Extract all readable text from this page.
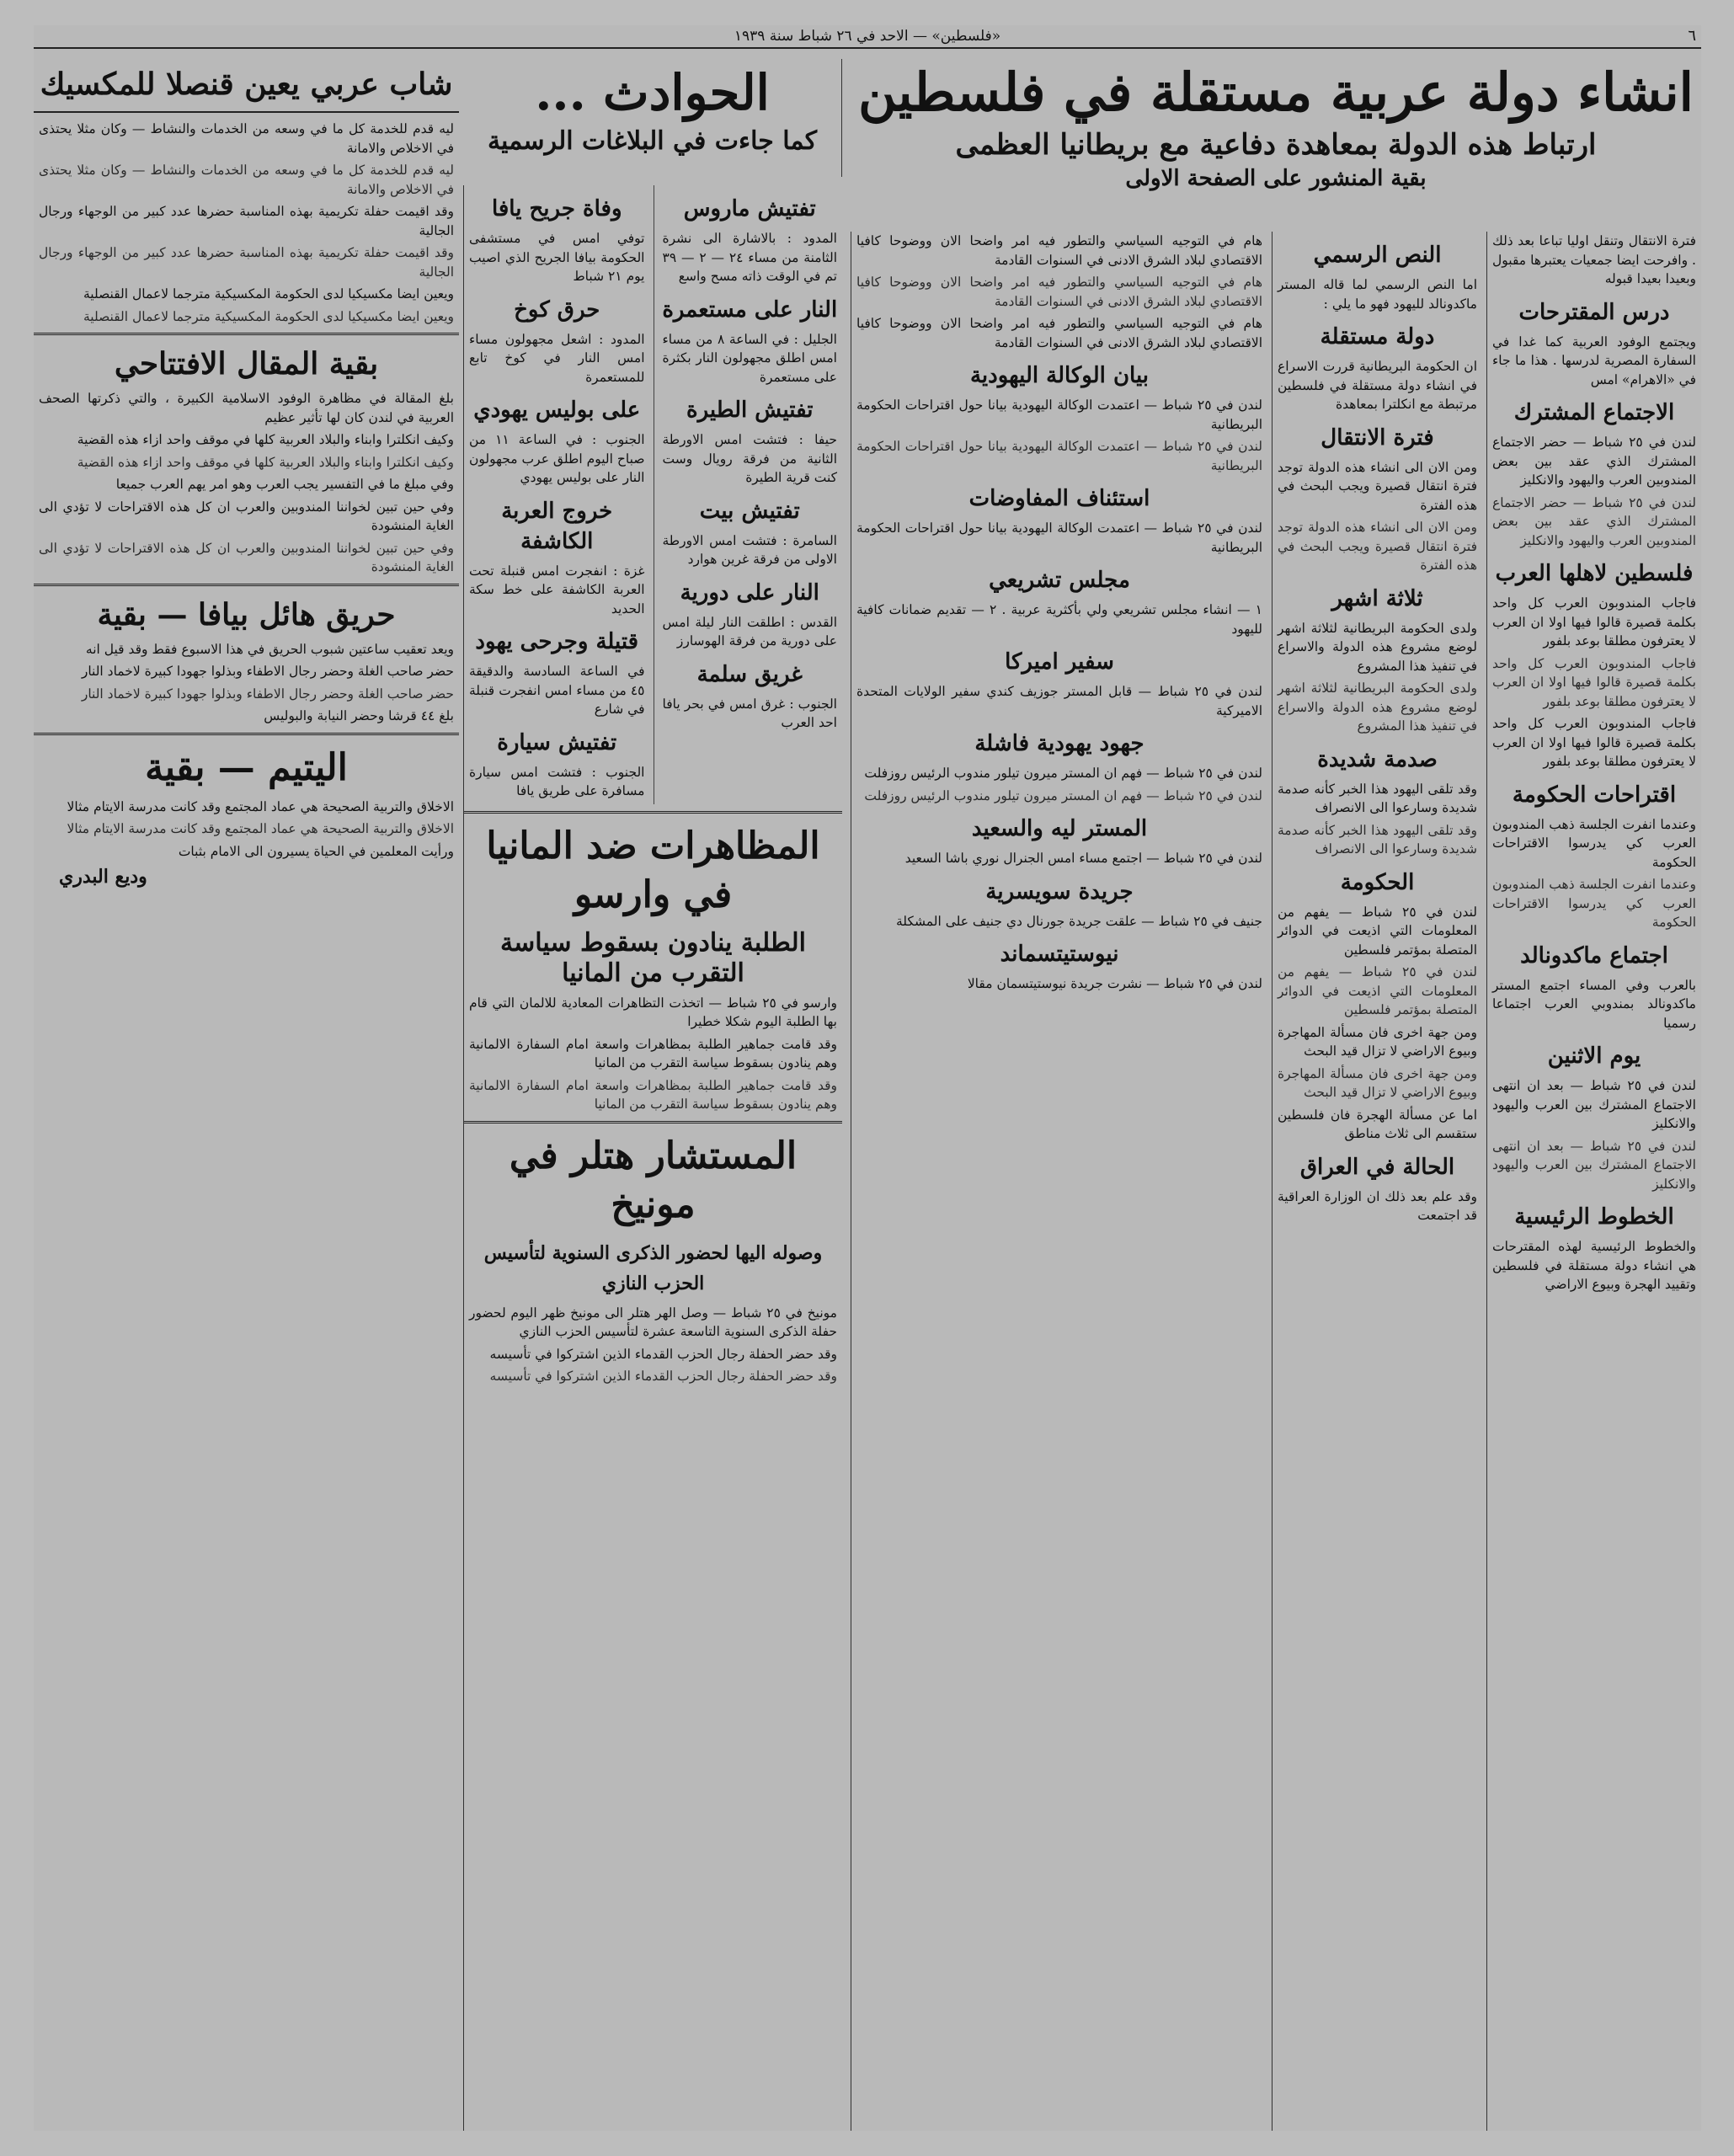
«فلسطين» — الاحد في ٢٦ شباط سنة ١٩٣٩	٦
انشاء دولة عربية مستقلة في فلسطين
ارتباط هذه الدولة بمعاهدة دفاعية مع بريطانيا العظمى
بقية المنشور على الصفحة الاولى
الحوادث ...
كما جاءت في البلاغات الرسمية

فترة الانتقال وتنقل اوليا تباعا بعد ذلك . وافرحت ايضا جمعيات يعتبرها مقبول وبعيدا بعيدا قبوله

درس المقترحات

ويجتمع الوفود العربية كما غدا في السفارة المصرية لدرسها . هذا ما جاء في «الاهرام» امس

الاجتماع المشترك

لندن في ٢٥ شباط — حضر الاجتماع المشترك الذي عقد بين بعض المندوبين العرب واليهود والانكليز

لندن في ٢٥ شباط — حضر الاجتماع المشترك الذي عقد بين بعض المندوبين العرب واليهود والانكليز

فلسطين لاهلها العرب

فاجاب المندوبون العرب كل واحد بكلمة قصيرة قالوا فيها اولا ان العرب لا يعترفون مطلقا بوعد بلفور

فاجاب المندوبون العرب كل واحد بكلمة قصيرة قالوا فيها اولا ان العرب لا يعترفون مطلقا بوعد بلفور

فاجاب المندوبون العرب كل واحد بكلمة قصيرة قالوا فيها اولا ان العرب لا يعترفون مطلقا بوعد بلفور

اقتراحات الحكومة

وعندما انفرت الجلسة ذهب المندوبون العرب كي يدرسوا الاقتراحات الحكومة

وعندما انفرت الجلسة ذهب المندوبون العرب كي يدرسوا الاقتراحات الحكومة

اجتماع ماكدونالد

بالعرب وفي المساء اجتمع المستر ماكدونالد بمندوبي العرب اجتماعا رسميا

يوم الاثنين

لندن في ٢٥ شباط — بعد ان انتهى الاجتماع المشترك بين العرب واليهود والانكليز

لندن في ٢٥ شباط — بعد ان انتهى الاجتماع المشترك بين العرب واليهود والانكليز

الخطوط الرئيسية

والخطوط الرئيسية لهذه المقترحات هي انشاء دولة مستقلة في فلسطين وتقييد الهجرة وبيوع الاراضي

النص الرسمي

اما النص الرسمي لما قاله المستر ماكدونالد لليهود فهو ما يلي :

دولة مستقلة

ان الحكومة البريطانية قررت الاسراع في انشاء دولة مستقلة في فلسطين مرتبطة مع انكلترا بمعاهدة

فترة الانتقال

ومن الان الى انشاء هذه الدولة توجد فترة انتقال قصيرة ويجب البحث في هذه الفترة

ومن الان الى انشاء هذه الدولة توجد فترة انتقال قصيرة ويجب البحث في هذه الفترة

ثلاثة اشهر

ولدى الحكومة البريطانية لثلاثة اشهر لوضع مشروع هذه الدولة والاسراع في تنفيذ هذا المشروع

ولدى الحكومة البريطانية لثلاثة اشهر لوضع مشروع هذه الدولة والاسراع في تنفيذ هذا المشروع

صدمة شديدة

وقد تلقى اليهود هذا الخبر كأنه صدمة شديدة وسارعوا الى الانصراف

وقد تلقى اليهود هذا الخبر كأنه صدمة شديدة وسارعوا الى الانصراف

الحكومة

لندن في ٢٥ شباط — يفهم من المعلومات التي اذيعت في الدوائر المتصلة بمؤتمر فلسطين

لندن في ٢٥ شباط — يفهم من المعلومات التي اذيعت في الدوائر المتصلة بمؤتمر فلسطين

ومن جهة اخرى فان مسألة المهاجرة وبيوع الاراضي لا تزال قيد البحث

ومن جهة اخرى فان مسألة المهاجرة وبيوع الاراضي لا تزال قيد البحث

اما عن مسألة الهجرة فان فلسطين ستقسم الى ثلاث مناطق

الحالة في العراق

وقد علم بعد ذلك ان الوزارة العراقية قد اجتمعت

هام في التوجيه السياسي والتطور فيه امر واضحا الان ووضوحا كافيا الاقتصادي لبلاد الشرق الادنى في السنوات القادمة

هام في التوجيه السياسي والتطور فيه امر واضحا الان ووضوحا كافيا الاقتصادي لبلاد الشرق الادنى في السنوات القادمة

هام في التوجيه السياسي والتطور فيه امر واضحا الان ووضوحا كافيا الاقتصادي لبلاد الشرق الادنى في السنوات القادمة

بيان الوكالة اليهودية

لندن في ٢٥ شباط — اعتمدت الوكالة اليهودية بيانا حول اقتراحات الحكومة البريطانية

لندن في ٢٥ شباط — اعتمدت الوكالة اليهودية بيانا حول اقتراحات الحكومة البريطانية

استئناف المفاوضات

لندن في ٢٥ شباط — اعتمدت الوكالة اليهودية بيانا حول اقتراحات الحكومة البريطانية

مجلس تشريعي

١ — انشاء مجلس تشريعي ولي بأكثرية عربية . ٢ — تقديم ضمانات كافية لليهود

سفير اميركا

لندن في ٢٥ شباط — قابل المستر جوزيف كندي سفير الولايات المتحدة الاميركية

جهود يهودية فاشلة

لندن في ٢٥ شباط — فهم ان المستر ميرون تيلور مندوب الرئيس روزفلت

لندن في ٢٥ شباط — فهم ان المستر ميرون تيلور مندوب الرئيس روزفلت

المستر ليه والسعيد

لندن في ٢٥ شباط — اجتمع مساء امس الجنرال نوري باشا السعيد

جريدة سويسرية

جنيف في ٢٥ شباط — علقت جريدة جورنال دي جنيف على المشكلة

نيوستيتسماند

لندن في ٢٥ شباط — نشرت جريدة نيوستيتسمان مقالا

تفتيش ماروس

المدود : بالاشارة الى نشرة الثامنة من مساء ٢٤ — ٢ — ٣٩ تم في الوقت ذاته مسح واسع

النار على مستعمرة

الجليل : في الساعة ٨ من مساء امس اطلق مجهولون النار بكثرة على مستعمرة

تفتيش الطيرة

حيفا : فتشت امس الاورطة الثانية من فرقة رويال وست كنت قرية الطيرة

تفتيش بيت

السامرة : فتشت امس الاورطة الاولى من فرقة غرين هوارد

النار على دورية

القدس : اطلقت النار ليلة امس على دورية من فرقة الهوسارز

غريق سلمة

الجنوب : غرق امس في بحر يافا احد العرب

وفاة جريح يافا

توفي امس في مستشفى الحكومة بيافا الجريح الذي اصيب يوم ٢١ شباط

حرق كوخ

المدود : اشعل مجهولون مساء امس النار في كوخ تابع للمستعمرة

على بوليس يهودي

الجنوب : في الساعة ١١ من صباح اليوم اطلق عرب مجهولون النار على بوليس يهودي

خروج العربة الكاشفة

غزة : انفجرت امس قنبلة تحت العربة الكاشفة على خط سكة الحديد

قتيلة وجرحى يهود

في الساعة السادسة والدقيقة ٤٥ من مساء امس انفجرت قنبلة في شارع

تفتيش سيارة

الجنوب : فتشت امس سيارة مسافرة على طريق يافا

المظاهرات ضد المانيا في وارسو
الطلبة ينادون بسقوط سياسة التقرب من المانيا

وارسو في ٢٥ شباط — اتخذت التظاهرات المعادية للالمان التي قام بها الطلبة اليوم شكلا خطيرا

وقد قامت جماهير الطلبة بمظاهرات واسعة امام السفارة الالمانية وهم ينادون بسقوط سياسة التقرب من المانيا

وقد قامت جماهير الطلبة بمظاهرات واسعة امام السفارة الالمانية وهم ينادون بسقوط سياسة التقرب من المانيا

المستشار هتلر في مونيخ
وصوله اليها لحضور الذكرى السنوية لتأسيس الحزب النازي

مونيخ في ٢٥ شباط — وصل الهر هتلر الى مونيخ ظهر اليوم لحضور حفلة الذكرى السنوية التاسعة عشرة لتأسيس الحزب النازي

وقد حضر الحفلة رجال الحزب القدماء الذين اشتركوا في تأسيسه

وقد حضر الحفلة رجال الحزب القدماء الذين اشتركوا في تأسيسه

شاب عربي يعين قنصلا للمكسيك

ليه قدم للخدمة كل ما في وسعه من الخدمات والنشاط — وكان مثلا يحتذى في الاخلاص والامانة

ليه قدم للخدمة كل ما في وسعه من الخدمات والنشاط — وكان مثلا يحتذى في الاخلاص والامانة

وقد اقيمت حفلة تكريمية بهذه المناسبة حضرها عدد كبير من الوجهاء ورجال الجالية

وقد اقيمت حفلة تكريمية بهذه المناسبة حضرها عدد كبير من الوجهاء ورجال الجالية

ويعين ايضا مكسيكيا لدى الحكومة المكسيكية مترجما لاعمال القنصلية

ويعين ايضا مكسيكيا لدى الحكومة المكسيكية مترجما لاعمال القنصلية

بقية المقال الافتتاحي

بلغ المقالة في مظاهرة الوفود الاسلامية الكبيرة ، والتي ذكرتها الصحف العربية في لندن كان لها تأثير عظيم

وكيف انكلترا وابناء والبلاد العربية كلها في موقف واحد ازاء هذه القضية

وكيف انكلترا وابناء والبلاد العربية كلها في موقف واحد ازاء هذه القضية

وفي مبلغ ما في التفسير يجب العرب وهو امر يهم العرب جميعا

وفي حين تبين لخواننا المندوبين والعرب ان كل هذه الاقتراحات لا تؤدي الى الغاية المنشودة

وفي حين تبين لخواننا المندوبين والعرب ان كل هذه الاقتراحات لا تؤدي الى الغاية المنشودة

حريق هائل بيافا — بقية

ويعد تعقيب ساعتين شبوب الحريق في هذا الاسبوع فقط وقد قيل انه

حضر صاحب الغلة وحضر رجال الاطفاء وبذلوا جهودا كبيرة لاخماد النار

حضر صاحب الغلة وحضر رجال الاطفاء وبذلوا جهودا كبيرة لاخماد النار

بلغ ٤٤ قرشا وحضر النيابة والبوليس

اليتيم — بقية

الاخلاق والتربية الصحيحة هي عماد المجتمع وقد كانت مدرسة الايتام مثالا

الاخلاق والتربية الصحيحة هي عماد المجتمع وقد كانت مدرسة الايتام مثالا

ورأيت المعلمين في الحياة يسيرون الى الامام بثبات

وديع البدري
